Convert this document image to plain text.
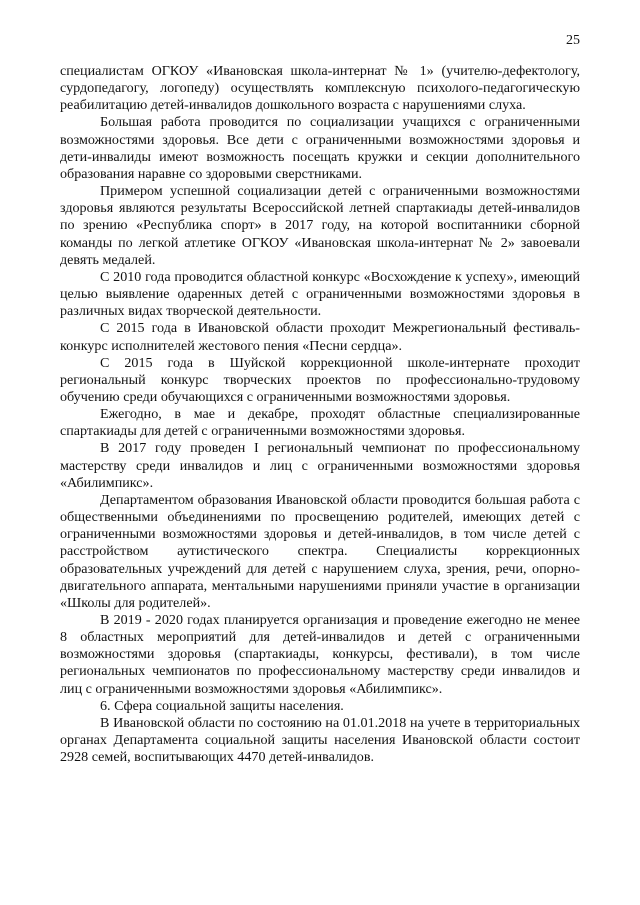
25

специалистам ОГКОУ «Ивановская школа-интернат № 1» (учителю-дефектологу, сурдопедагогу, логопеду) осуществлять комплексную психолого-педагогическую реабилитацию детей-инвалидов дошкольного возраста с нарушениями слуха.

Большая работа проводится по социализации учащихся с ограниченными возможностями здоровья. Все дети с ограниченными возможностями здоровья и дети-инвалиды имеют возможность посещать кружки и секции дополнительного образования наравне со здоровыми сверстниками.

Примером успешной социализации детей с ограниченными возможностями здоровья являются результаты Всероссийской летней спартакиады детей-инвалидов по зрению «Республика спорт» в 2017 году, на которой воспитанники сборной команды по легкой атлетике ОГКОУ «Ивановская школа-интернат № 2» завоевали девять медалей.

С 2010 года проводится областной конкурс «Восхождение к успеху», имеющий целью выявление одаренных детей с ограниченными возможностями здоровья в различных видах творческой деятельности.

С 2015 года в Ивановской области проходит Межрегиональный фестиваль-конкурс исполнителей жестового пения «Песни сердца».

С 2015 года в Шуйской коррекционной школе-интернате проходит региональный конкурс творческих проектов по профессионально-трудовому обучению среди обучающихся с ограниченными возможностями здоровья.

Ежегодно, в мае и декабре, проходят областные специализированные спартакиады для детей с ограниченными возможностями здоровья.

В 2017 году проведен I региональный чемпионат по профессиональному мастерству среди инвалидов и лиц с ограниченными возможностями здоровья «Абилимпикс».

Департаментом образования Ивановской области проводится большая работа с общественными объединениями по просвещению родителей, имеющих детей с ограниченными возможностями здоровья и детей-инвалидов, в том числе детей с расстройством аутистического спектра. Специалисты коррекционных образовательных учреждений для детей с нарушением слуха, зрения, речи, опорно-двигательного аппарата, ментальными нарушениями приняли участие в организации «Школы для родителей».

В 2019 - 2020 годах планируется организация и проведение ежегодно не менее 8 областных мероприятий для детей-инвалидов и детей с ограниченными возможностями здоровья (спартакиады, конкурсы, фестивали), в том числе региональных чемпионатов по профессиональному мастерству среди инвалидов и лиц с ограниченными возможностями здоровья «Абилимпикс».

6. Сфера социальной защиты населения.

В Ивановской области по состоянию на 01.01.2018 на учете в территориальных органах Департамента социальной защиты населения Ивановской области состоит 2928 семей, воспитывающих 4470 детей-инвалидов.
